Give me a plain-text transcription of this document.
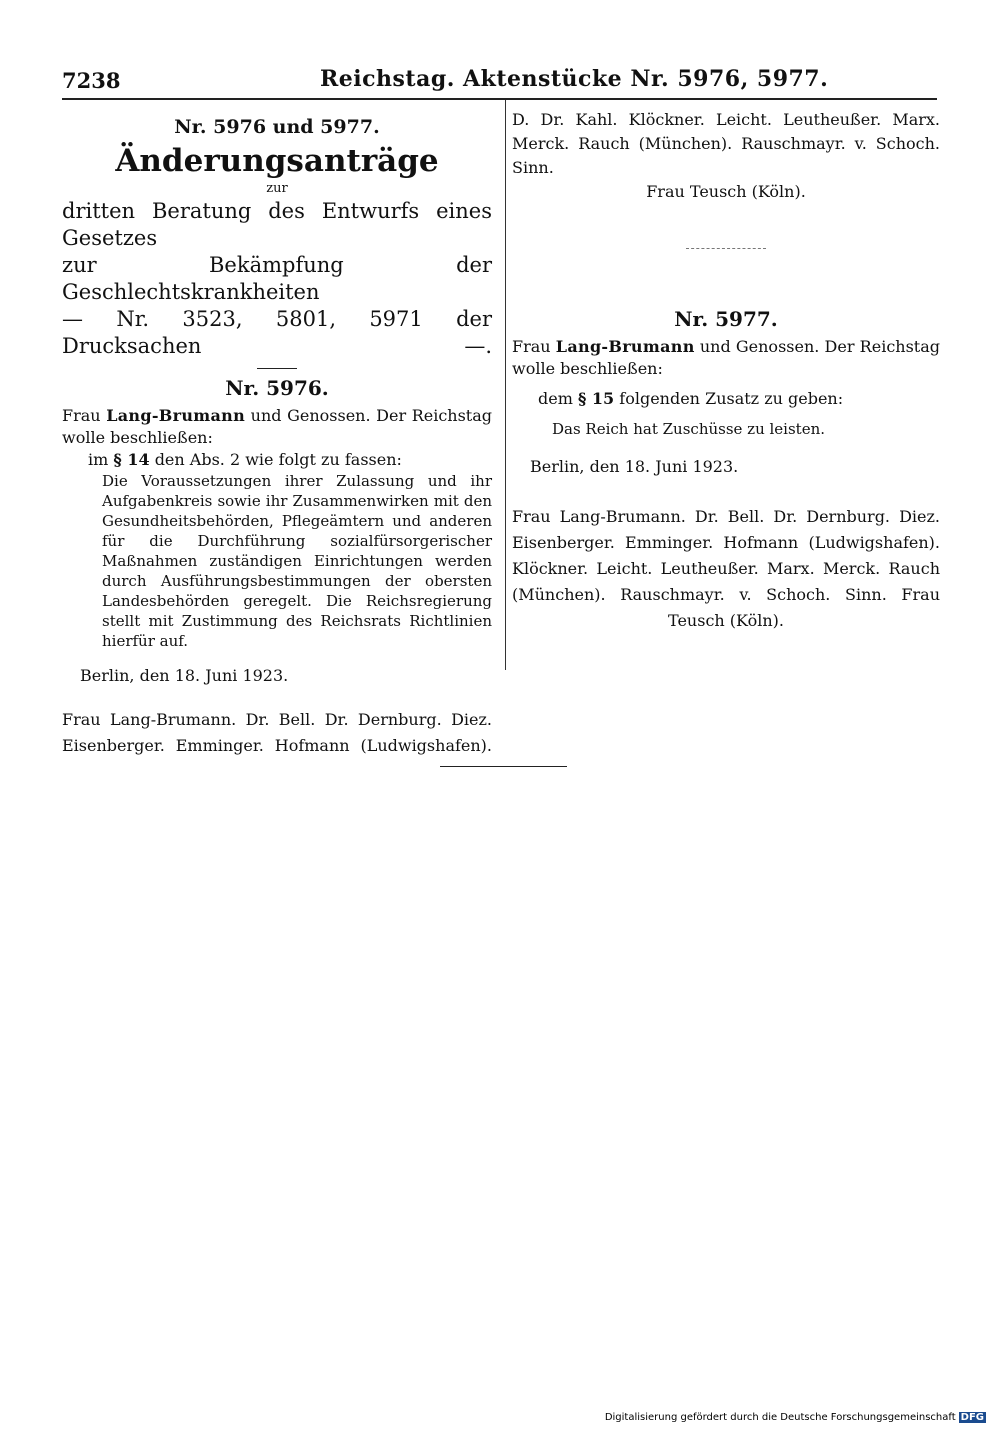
7238	Reichstag. Aktenstücke Nr. 5976, 5977.
Nr. 5976 und 5977.
Änderungsanträge
zur
dritten Beratung des Entwurfs eines Gesetzes
zur Bekämpfung der Geschlechtskrankheiten
— Nr. 3523, 5801, 5971 der Drucksachen —.
Nr. 5976.
Frau Lang-Brumann und Genossen. Der Reichstag wolle beschließen:
im § 14 den Abs. 2 wie folgt zu fassen:
Die Voraussetzungen ihrer Zulassung und ihr Aufgabenkreis sowie ihr Zusammenwirken mit den Gesundheitsbehörden, Pflegeämtern und anderen für die Durchführung sozialfürsorgerischer Maßnahmen zuständigen Einrichtungen werden durch Ausführungsbestimmungen der obersten Landesbehörden geregelt. Die Reichsregierung stellt mit Zustimmung des Reichsrats Richtlinien hierfür auf.
Berlin, den 18. Juni 1923.
Frau Lang-Brumann. Dr. Bell. Dr. Dernburg. Diez.
Eisenberger. Emminger. Hofmann (Ludwigshafen).
D. Dr. Kahl. Klöckner. Leicht. Leutheußer. Marx.
Merck. Rauch (München). Rauschmayr. v. Schoch. Sinn.
Frau Teusch (Köln).
Nr. 5977.
Frau Lang-Brumann und Genossen. Der Reichstag wolle beschließen:
dem § 15 folgenden Zusatz zu geben:
Das Reich hat Zuschüsse zu leisten.
Berlin, den 18. Juni 1923.
Frau Lang-Brumann. Dr. Bell. Dr. Dernburg. Diez.
Eisenberger. Emminger. Hofmann (Ludwigshafen).
Klöckner. Leicht. Leutheußer. Marx. Merck. Rauch
(München). Rauschmayr. v. Schoch. Sinn. Frau
Teusch (Köln).
Digitalisierung gefördert durch die Deutsche Forschungsgemeinschaft DFG
